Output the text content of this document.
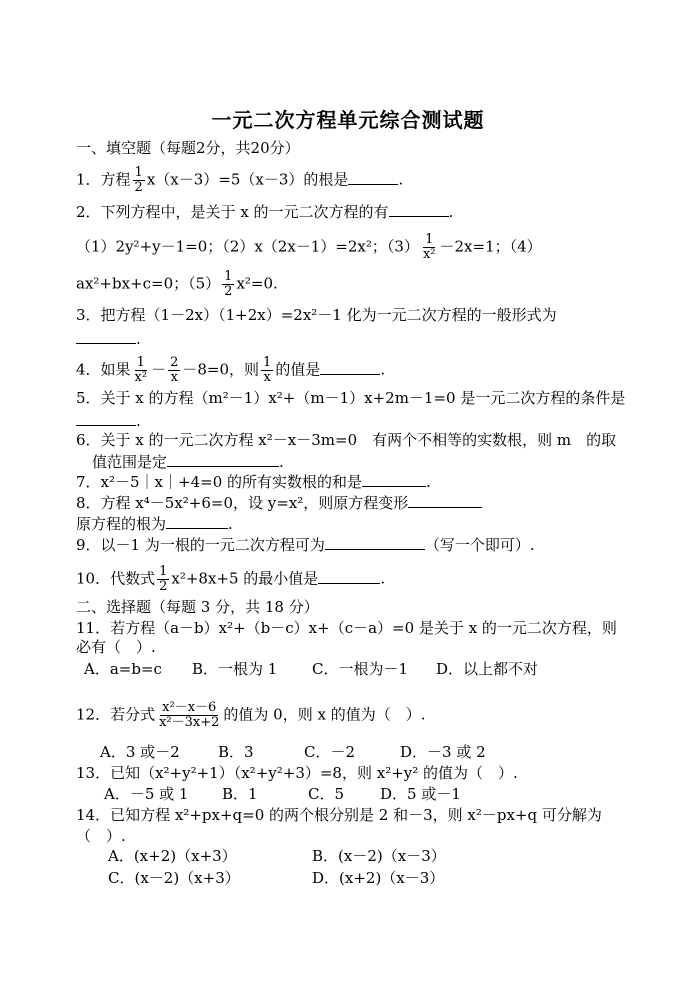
一元二次方程单元综合测试题
一、填空题（每题2分，共20分）
1．方程 $\frac{1}{2} x(x-3)=5(x-3)$的根是	.
2．下列方程中，是关于 x 的一元二次方程的有	.
（1）2y²+y－1=0；（2）x（2x－1）=2x²；$(3) \frac{1}{\text{x²}} -2x=1$；（4）
ax²+bx+c=0；$(5) \frac{1}{2} x^2=0$.
3．把方程（1－2x）（1+2x）=2x²－1 化为一元二次方程的一般形式为
.
4．如果 $\frac{1}{\text{x²}} - \frac{2}{x} -8=0$，则 $\frac{1}{x}$ 的值是	.
5．关于 x 的方程（m²－1）x²+（m－1）x+2m－1=0 是一元二次方程的条件是
.
6．关于 x 的一元二次方程 x²－x－3m=0　有两个不相等的实数根，则 m　的取
值范围是定	.
7．x²－5｜x｜+4=0 的所有实数根的和是	.
8．方程 x⁴－5x²+6=0，设 y=x²，则原方程变形
原方程的根为	.
9．以－1 为一根的一元二次方程可为	（写一个即可）.
10．代数式 $\frac{1}{2} x^2+8x+5$ 的最小值是	.
二、选择题（每题 3 分，共 18 分）
11．若方程（a－b）x²+（b－c）x+（c－a）=0 是关于 x 的一元二次方程，则
必有（　）.
A．a=b=c B．一根为 1 C．一根为－1 D．以上都不对
12．若分式 $\frac{\text{x²－x－6}}{\text{x²－3x+2}}$ 的值为 0，则 x 的值为（　）.
A．3 或－2	B．3	C．－2	D．－3 或 2
13．已知（x²+y²+1）（x²+y²+3）=8，则 x²+y² 的值为（　）.
A．－5 或 1 B．1	C．5 D．5 或－1
14．已知方程 x²+px+q=0 的两个根分别是 2 和－3，则 x²－px+q 可分解为
（　）.
A．(x+2)（x+3）	B．(x－2)（x－3）
C．(x－2)（x+3）	D．(x+2)（x－3）
